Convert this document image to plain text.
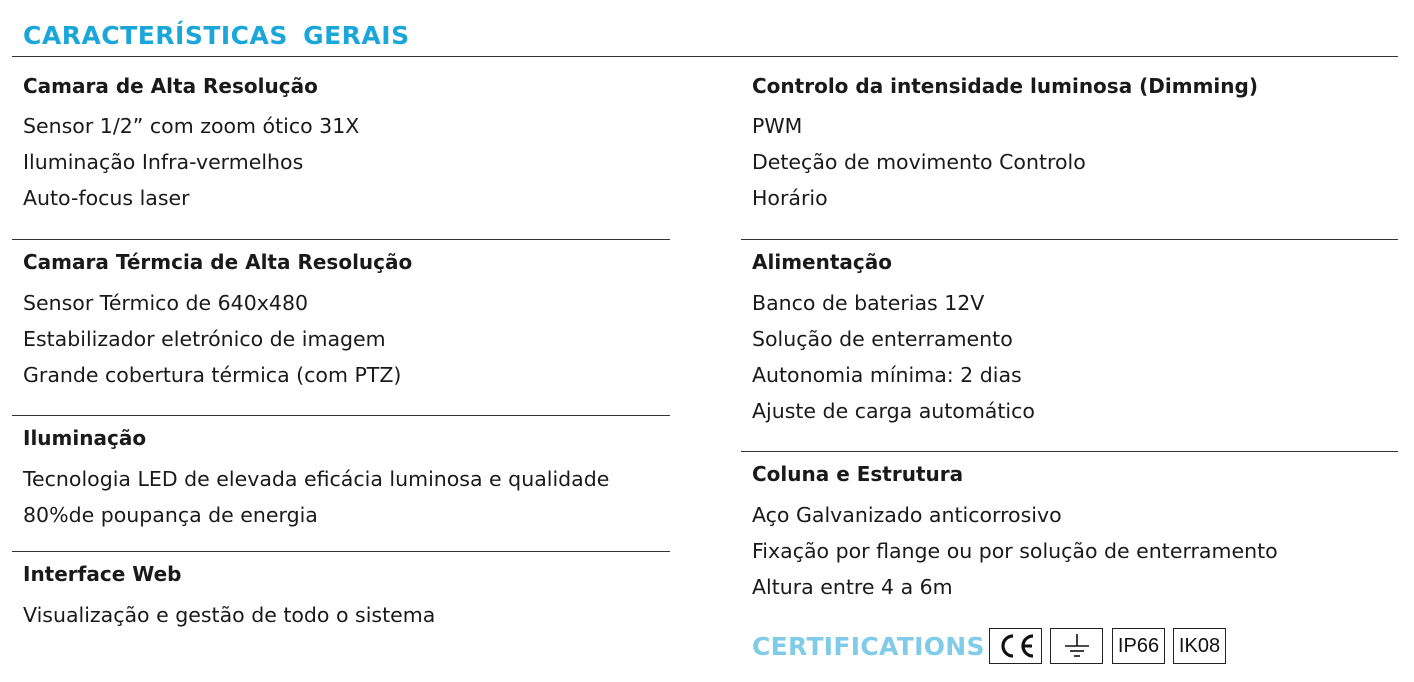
CARACTERÍSTICAS GERAIS
Camara de Alta Resolução
Sensor 1/2” com zoom ótico 31X
Iluminação Infra-vermelhos
Auto-focus laser
Camara Térmcia de Alta Resolução
Sensor Térmico de 640x480
Estabilizador eletrónico de imagem
Grande cobertura térmica (com PTZ)
Iluminação
Tecnologia LED de elevada eficácia luminosa e qualidade
80%de poupança de energia
Interface Web
Visualização e gestão de todo o sistema
Controlo da intensidade luminosa (Dimming)
PWM
Deteção de movimento Controlo
Horário
Alimentação
Banco de baterias 12V
Solução de enterramento
Autonomia mínima: 2 dias
Ajuste de carga automático
Coluna e Estrutura
Aço Galvanizado anticorrosivo
Fixação por flange ou por solução de enterramento
Altura entre 4 a 6m
CERTIFICATIONS	IP66 IK08
